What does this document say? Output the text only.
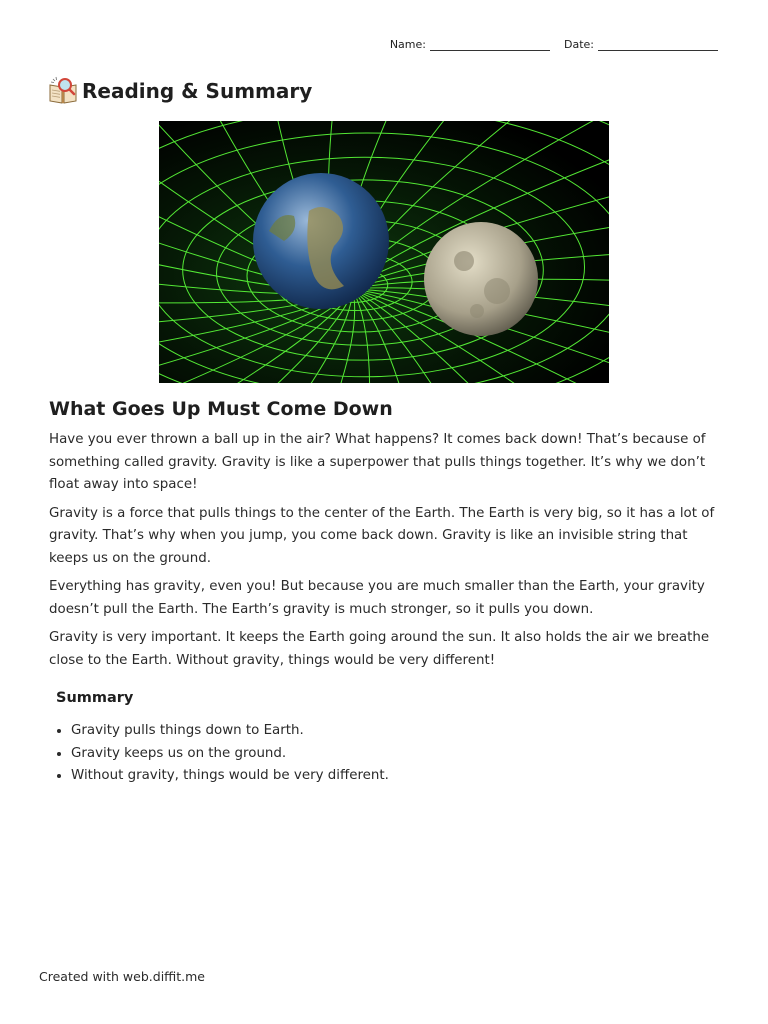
Name:	Date:
Reading & Summary
What Goes Up Must Come Down

Have you ever thrown a ball up in the air? What happens? It comes back down! That’s because of something called gravity. Gravity is like a superpower that pulls things together. It’s why we don’t float away into space!

Gravity is a force that pulls things to the center of the Earth. The Earth is very big, so it has a lot of gravity. That’s why when you jump, you come back down. Gravity is like an invisible string that keeps us on the ground.

Everything has gravity, even you! But because you are much smaller than the Earth, your gravity doesn’t pull the Earth. The Earth’s gravity is much stronger, so it pulls you down.

Gravity is very important. It keeps the Earth going around the sun. It also holds the air we breathe close to the Earth. Without gravity, things would be very different!

Summary
• Gravity pulls things down to Earth.
• Gravity keeps us on the ground.
• Without gravity, things would be very different.
Created with web.diffit.me
